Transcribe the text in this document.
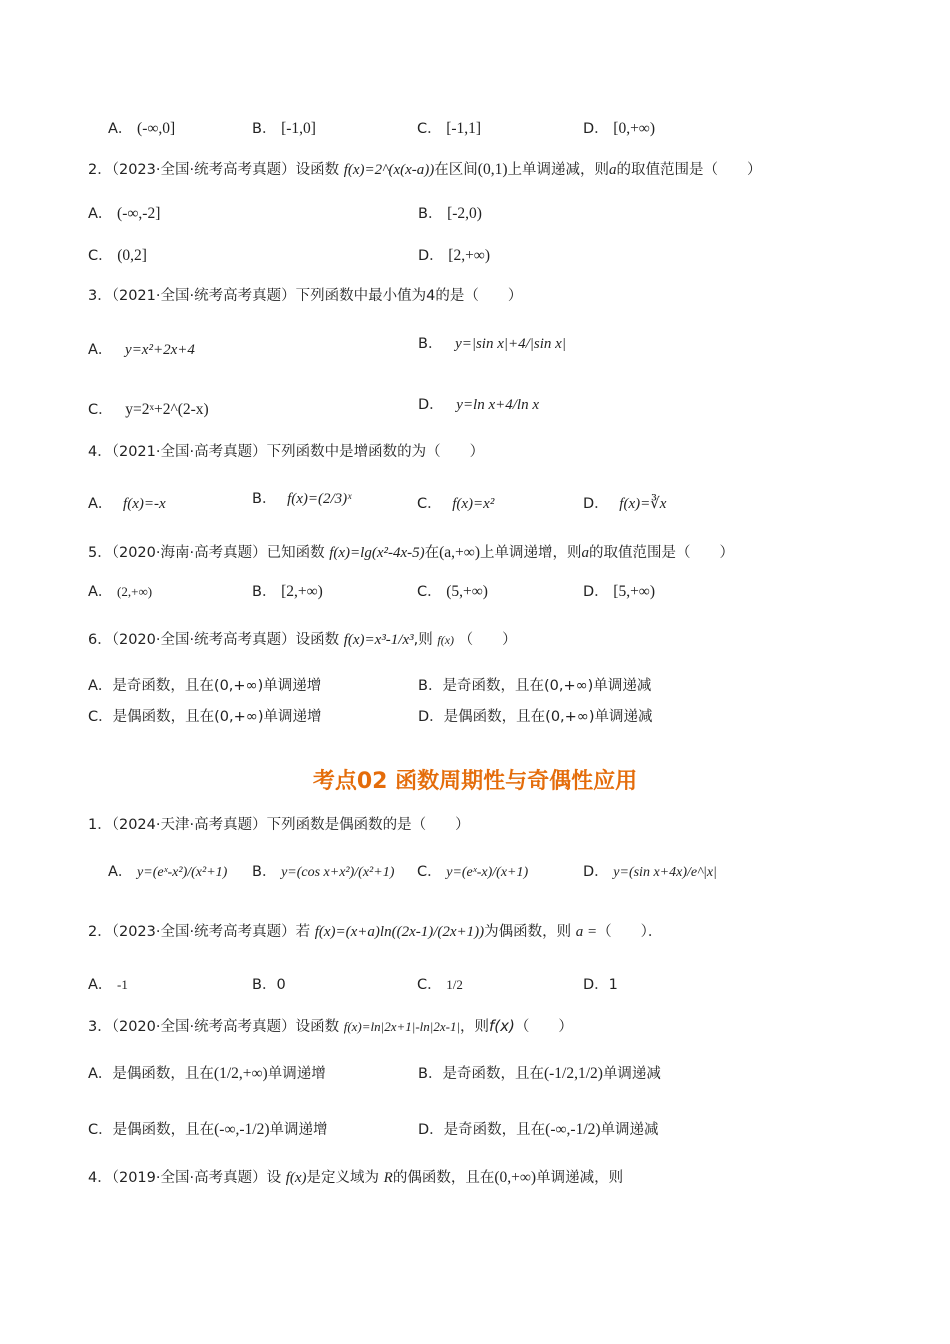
A． (-∞,0]	B． [-1,0]	C． [-1,1]	D． [0,+∞)
2．（2023·全国·统考高考真题）设函数 f(x)=2^(x(x-a))在区间(0,1)上单调递减，则a的取值范围是（　　）
A． (-∞,-2]	B． [-2,0)
C． (0,2]	D． [2,+∞)
3．（2021·全国·统考高考真题）下列函数中最小值为4的是（　　）
A． y=x²+2x+4	B． y=|sin x|+4/|sin x|
C． y=2ˣ+2^(2-x)	D． y=ln x+4/ln x
4．（2021·全国·高考真题）下列函数中是增函数的为（　　）
A． f(x)=-x	B． f(x)=(2/3)ˣ	C． f(x)=x²	D． f(x)=∛x
5．（2020·海南·高考真题）已知函数 f(x)=lg(x²-4x-5)在(a,+∞)上单调递增，则a的取值范围是（　　）
A． (2,+∞)	B． [2,+∞)	C． (5,+∞)	D． [5,+∞)
6．（2020·全国·统考高考真题）设函数 f(x)=x³-1/x³,则 f(x) （　　）
A．是奇函数，且在(0,+∞)单调递增	B．是奇函数，且在(0,+∞)单调递减
C．是偶函数，且在(0,+∞)单调递增	D．是偶函数，且在(0,+∞)单调递减
考点02 函数周期性与奇偶性应用
1．（2024·天津·高考真题）下列函数是偶函数的是（　　）
A． y=(eˣ-x²)/(x²+1) B． y=(cos x+x²)/(x²+1) C． y=(eˣ-x)/(x+1)	D． y=(sin x+4x)/e^|x|
2．（2023·全国·统考高考真题）若 f(x)=(x+a)ln((2x-1)/(2x+1))为偶函数，则 a =（　　）．
A． -1	B．0	C． 1/2	D．1
3．（2020·全国·统考高考真题）设函数 f(x)=ln|2x+1|-ln|2x-1|，则f(x)（　　）
A．是偶函数，且在(1/2,+∞)单调递增	B．是奇函数，且在(-1/2,1/2)单调递减
C．是偶函数，且在(-∞,-1/2)单调递增	D．是奇函数，且在(-∞,-1/2)单调递减
4．（2019·全国·高考真题）设 f(x)是定义域为 R的偶函数，且在(0,+∞)单调递减，则
